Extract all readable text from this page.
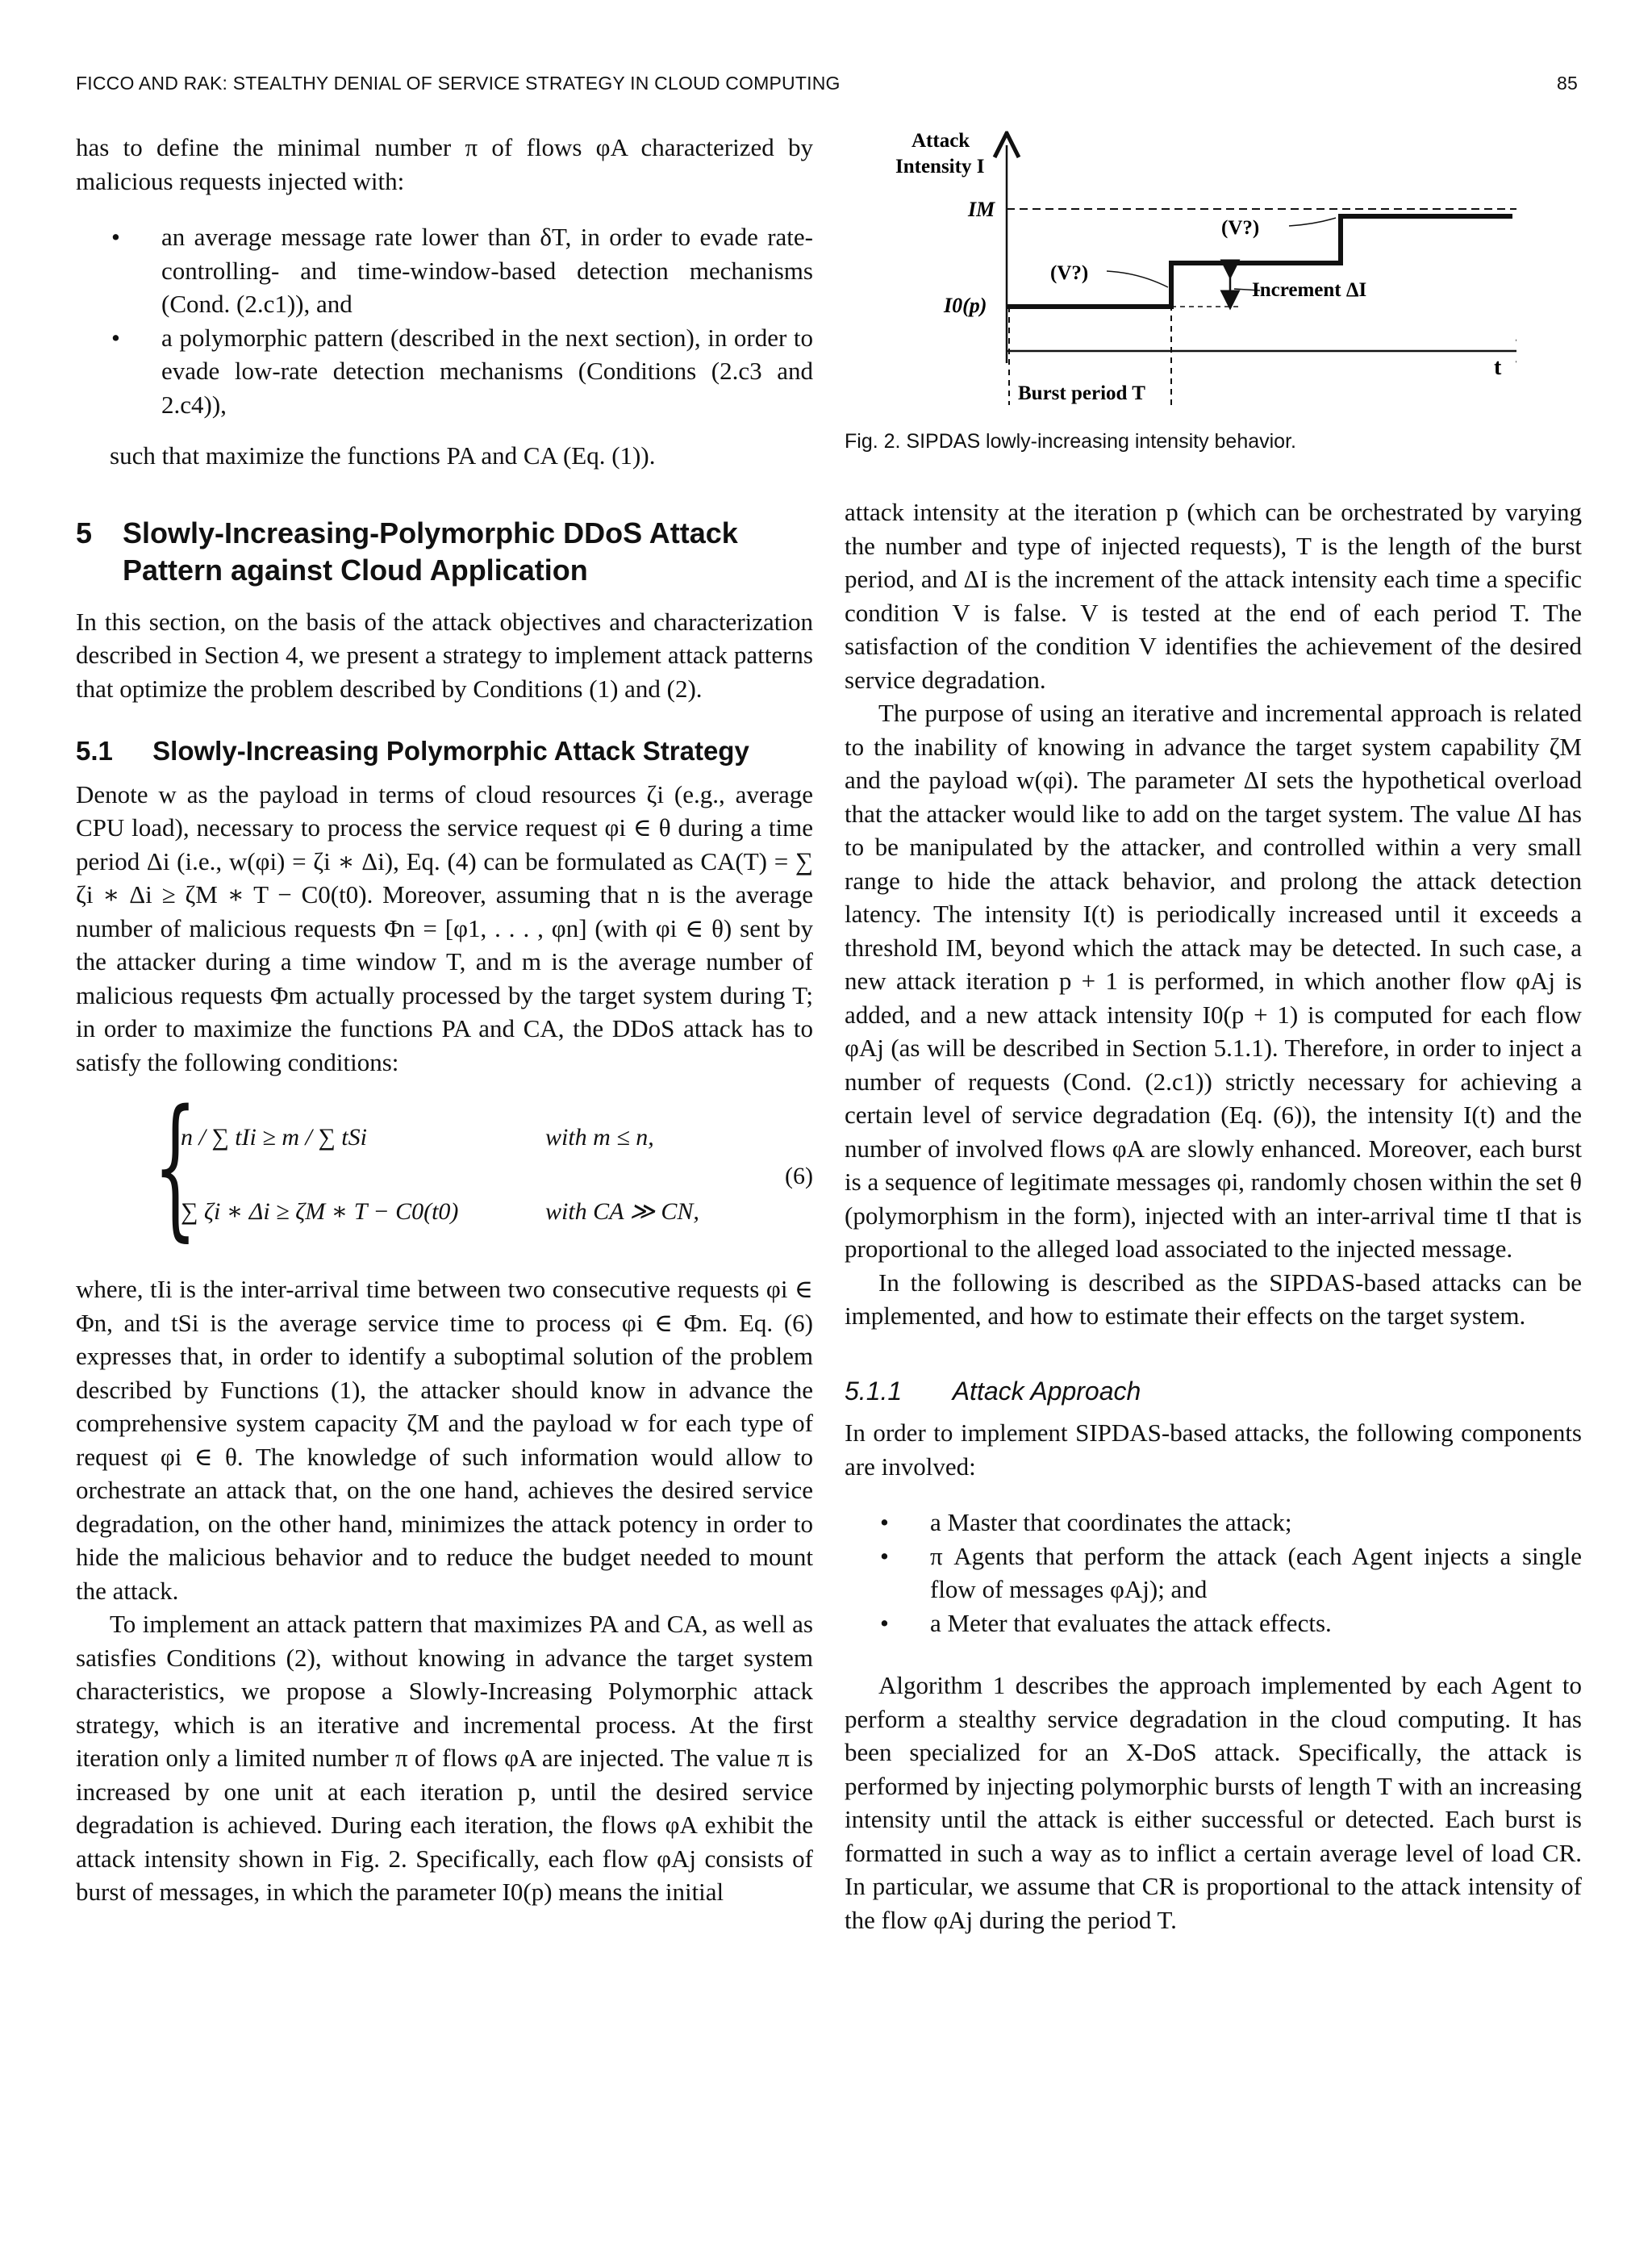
FICCO AND RAK: STEALTHY DENIAL OF SERVICE STRATEGY IN CLOUD COMPUTING	85

has to define the minimal number π of flows φA characterized by malicious requests injected with:

• an average message rate lower than δT, in order to evade rate-controlling- and time-window-based detection mechanisms (Cond. (2.c1)), and
• a polymorphic pattern (described in the next section), in order to evade low-rate detection mechanisms (Conditions (2.c3 and 2.c4)),

such that maximize the functions PA and CA (Eq. (1)).

5 Slowly-Increasing-Polymorphic DDoS Attack Pattern against Cloud Application

In this section, on the basis of the attack objectives and characterization described in Section 4, we present a strategy to implement attack patterns that optimize the problem described by Conditions (1) and (2).

5.1 Slowly-Increasing Polymorphic Attack Strategy

Denote w as the payload in terms of cloud resources ζi (e.g., average CPU load), necessary to process the service request φi ∈ θ during a time period Δi (i.e., w(φi) = ζi ∗ Δi), Eq. (4) can be formulated as CA(T) = ∑ ζi ∗ Δi ≥ ζM ∗ T − C0(t0). Moreover, assuming that n is the average number of malicious requests Φn = [φ1, . . . , φn] (with φi ∈ θ) sent by the attacker during a time window T, and m is the average number of malicious requests Φm actually processed by the target system during T; in order to maximize the functions PA and CA, the DDoS attack has to satisfy the following conditions:

{
n / ∑ tIi ≥ m / ∑ tSi	with m ≤ n,
∑ ζi ∗ Δi ≥ ζM ∗ T − C0(t0)	with CA ≫ CN,
(6)

where, tIi is the inter-arrival time between two consecutive requests φi ∈ Φn, and tSi is the average service time to process φi ∈ Φm. Eq. (6) expresses that, in order to identify a suboptimal solution of the problem described by Functions (1), the attacker should know in advance the comprehensive system capacity ζM and the payload w for each type of request φi ∈ θ. The knowledge of such information would allow to orchestrate an attack that, on the one hand, achieves the desired service degradation, on the other hand, minimizes the attack potency in order to hide the malicious behavior and to reduce the budget needed to mount the attack.

To implement an attack pattern that maximizes PA and CA, as well as satisfies Conditions (2), without knowing in advance the target system characteristics, we propose a Slowly-Increasing Polymorphic attack strategy, which is an iterative and incremental process. At the first iteration only a limited number π of flows φA are injected. The value π is increased by one unit at each iteration p, until the desired service degradation is achieved. During each iteration, the flows φA exhibit the attack intensity shown in Fig. 2. Specifically, each flow φAj consists of burst of messages, in which the parameter I0(p) means the initial

Attack
Intensity I
IM
I0(p)
(V?)
(V?)
Increment ΔI
t
Burst period T
Fig. 2. SIPDAS lowly-increasing intensity behavior.

attack intensity at the iteration p (which can be orchestrated by varying the number and type of injected requests), T is the length of the burst period, and ΔI is the increment of the attack intensity each time a specific condition V is false. V is tested at the end of each period T. The satisfaction of the condition V identifies the achievement of the desired service degradation.

The purpose of using an iterative and incremental approach is related to the inability of knowing in advance the target system capability ζM and the payload w(φi). The parameter ΔI sets the hypothetical overload that the attacker would like to add on the target system. The value ΔI has to be manipulated by the attacker, and controlled within a very small range to hide the attack behavior, and prolong the attack detection latency. The intensity I(t) is periodically increased until it exceeds a threshold IM, beyond which the attack may be detected. In such case, a new attack iteration p + 1 is performed, in which another flow φAj is added, and a new attack intensity I0(p + 1) is computed for each flow φAj (as will be described in Section 5.1.1). Therefore, in order to inject a number of requests (Cond. (2.c1)) strictly necessary for achieving a certain level of service degradation (Eq. (6)), the intensity I(t) and the number of involved flows φA are slowly enhanced. Moreover, each burst is a sequence of legitimate messages φi, randomly chosen within the set θ (polymorphism in the form), injected with an inter-arrival time tI that is proportional to the alleged load associated to the injected message.

In the following is described as the SIPDAS-based attacks can be implemented, and how to estimate their effects on the target system.

5.1.1 Attack Approach

In order to implement SIPDAS-based attacks, the following components are involved:

• a Master that coordinates the attack;
• π Agents that perform the attack (each Agent injects a single flow of messages φAj); and
• a Meter that evaluates the attack effects.

Algorithm 1 describes the approach implemented by each Agent to perform a stealthy service degradation in the cloud computing. It has been specialized for an X-DoS attack. Specifically, the attack is performed by injecting polymorphic bursts of length T with an increasing intensity until the attack is either successful or detected. Each burst is formatted in such a way as to inflict a certain average level of load CR. In particular, we assume that CR is proportional to the attack intensity of the flow φAj during the period T.
